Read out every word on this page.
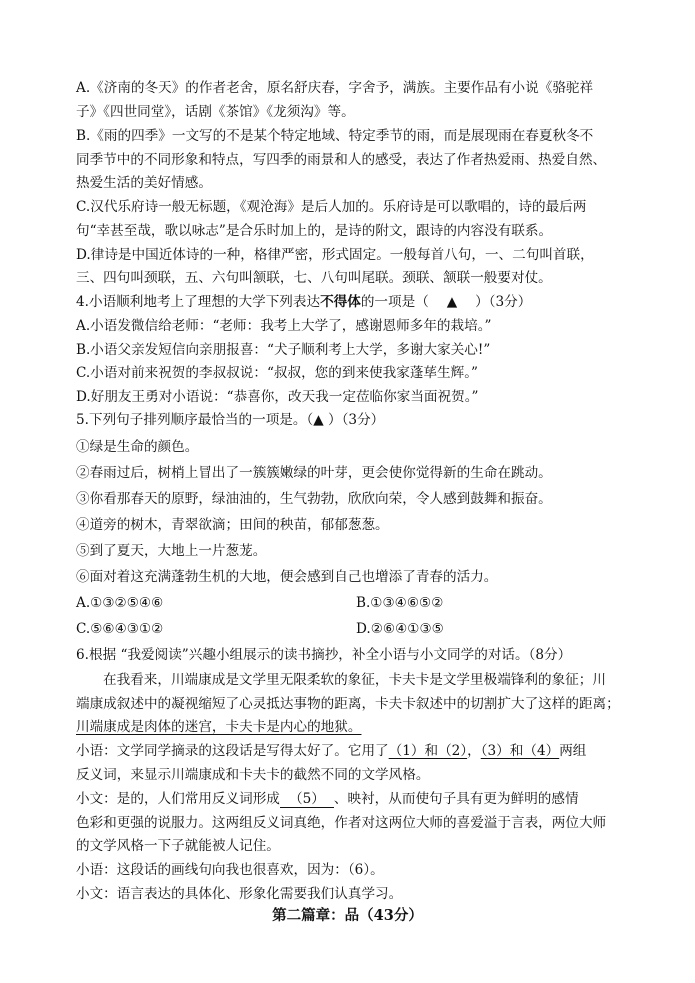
A.《济南的冬天》的作者老舍，原名舒庆春，字舍予，满族。主要作品有小说《骆驼祥
子》《四世同堂》，话剧《茶馆》《龙须沟》等。
B.《雨的四季》一文写的不是某个特定地域、特定季节的雨，而是展现雨在春夏秋冬不
同季节中的不同形象和特点，写四季的雨景和人的感受，表达了作者热爱雨、热爱自然、
热爱生活的美好情感。
C.汉代乐府诗一般无标题，《观沧海》是后人加的。乐府诗是可以歌唱的，诗的最后两
句“幸甚至哉，歌以咏志”是合乐时加上的，是诗的附文，跟诗的内容没有联系。
D.律诗是中国近体诗的一种，格律严密，形式固定。一般每首八句，一、二句叫首联，
三、四句叫颈联，五、六句叫颔联，七、八句叫尾联。颈联、颔联一般要对仗。
4.小语顺利地考上了理想的大学下列表达不得体的一项是（　 ▲　 ）（3分）
A.小语发微信给老师：“老师：我考上大学了，感谢恩师多年的栽培。”
B.小语父亲发短信向亲朋报喜：“犬子顺利考上大学，多谢大家关心!”
C.小语对前来祝贺的李叔叔说：“叔叔，您的到来使我家蓬荜生辉。”
D.好朋友王勇对小语说：“恭喜你，改天我一定莅临你家当面祝贺。”
5.下列句子排列顺序最恰当的一项是。（▲ ）（3分）
①绿是生命的颜色。
②春雨过后，树梢上冒出了一簇簇嫩绿的叶芽，更会使你觉得新的生命在跳动。
③你看那春天的原野，绿油油的，生气勃勃，欣欣向荣，令人感到鼓舞和振奋。
④道旁的树木，青翠欲滴；田间的秧苗，郁郁葱葱。
⑤到了夏天，大地上一片葱茏。
⑥面对着这充满蓬勃生机的大地，便会感到自己也增添了青春的活力。
A.①③②⑤④⑥	B.①③④⑥⑤②
C.⑤⑥④③①②	D.②⑥④①③⑤
6.根据 “我爱阅读”兴趣小组展示的读书摘抄，补全小语与小文同学的对话。（8分）
在我看来，川端康成是文学里无限柔软的象征，卡夫卡是文学里极端锋利的象征；川
端康成叙述中的凝视缩短了心灵抵达事物的距离，卡夫卡叙述中的切割扩大了这样的距离；
川端康成是肉体的迷宫，卡夫卡是内心的地狱。
小语：文学同学摘录的这段话是写得太好了。它用了（1）和（2），（3）和（4）两组
反义词，来显示川端康成和卡夫卡的截然不同的文学风格。
小文：是的，人们常用反义词形成 （5） 、映衬，从而使句子具有更为鲜明的感情
色彩和更强的说服力。这两组反义词真绝，作者对这两位大师的喜爱溢于言表，两位大师
的文学风格一下子就能被人记住。
小语：这段话的画线句向我也很喜欢，因为：（6）。
小文：语言表达的具体化、形象化需要我们认真学习。
第二篇章：品（43分）
